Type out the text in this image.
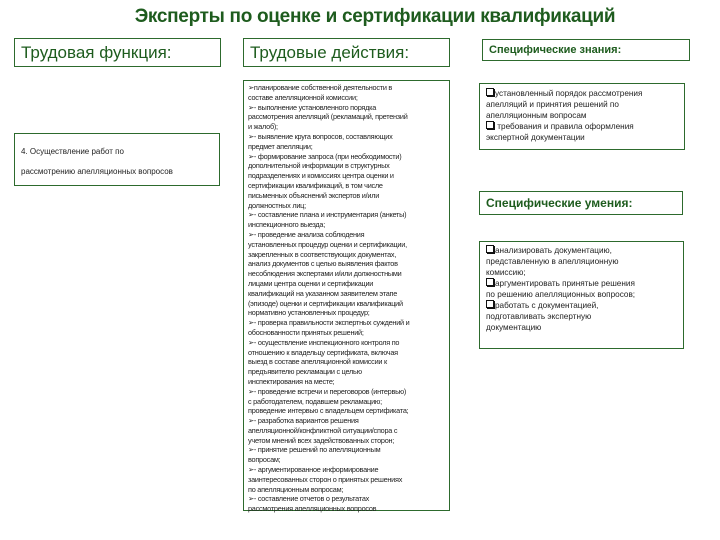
Эксперты по оценке и сертификации квалификаций
Трудовая функция:	Трудовые действия:	Специфические знания:
Специфические умения:
4. Осуществление работ по
рассмотрению апелляционных вопросов
➢планирование собственной деятельности в
составе апелляционной комиссии;
➢- выполнение установленного порядка
рассмотрения апелляций (рекламаций, претензий
и жалоб);
➢- выявление круга вопросов, составляющих
предмет апелляции;
➢- формирование запроса (при необходимости)
дополнительной информации в структурных
подразделениях и комиссиях центра оценки и
сертификации квалификаций, в том числе
письменных объяснений экспертов и/или
должностных лиц;
➢- составление плана и инструментария (анкеты)
инспекционного выезда;
➢- проведение анализа соблюдения
установленных процедур оценки и сертификации,
закрепленных в соответствующих документах,
анализ документов с целью выявления фактов
несоблюдения экспертами и/или должностными
лицами центра оценки и сертификации
квалификаций на указанном заявителем этапе
(эпизоде) оценки и сертификации квалификаций
нормативно установленных процедур;
➢- проверка правильности экспертных суждений и
обоснованности принятых решений;
➢- осуществление инспекционного контроля по
отношению к владельцу сертификата, включая
выезд в составе апелляционной комиссии к
предъявителю рекламации с целью
инспектирования на месте;
➢- проведение встречи и переговоров (интервью)
с работодателем, подавшем рекламацию;
проведение интервью с владельцем сертификата;
➢- разработка вариантов решения
апелляционной/конфликтной ситуации/спора с
учетом мнений всех задействованных сторон;
➢- принятие решений по апелляционным
вопросам;
➢- аргументированное информирование
заинтересованных сторон о принятых решениях
по апелляционным вопросам;
➢- составление отчетов о результатах
рассмотрения апелляционных вопросов
установленный порядок рассмотрения
апелляций и принятия решений по
апелляционным вопросам
требования и правила оформления
экспертной документации
анализировать документацию,
представленную в апелляционную
комиссию;
аргументировать принятые решения
по решению апелляционных вопросов;
работать с документацией,
подготавливать экспертную
документацию
